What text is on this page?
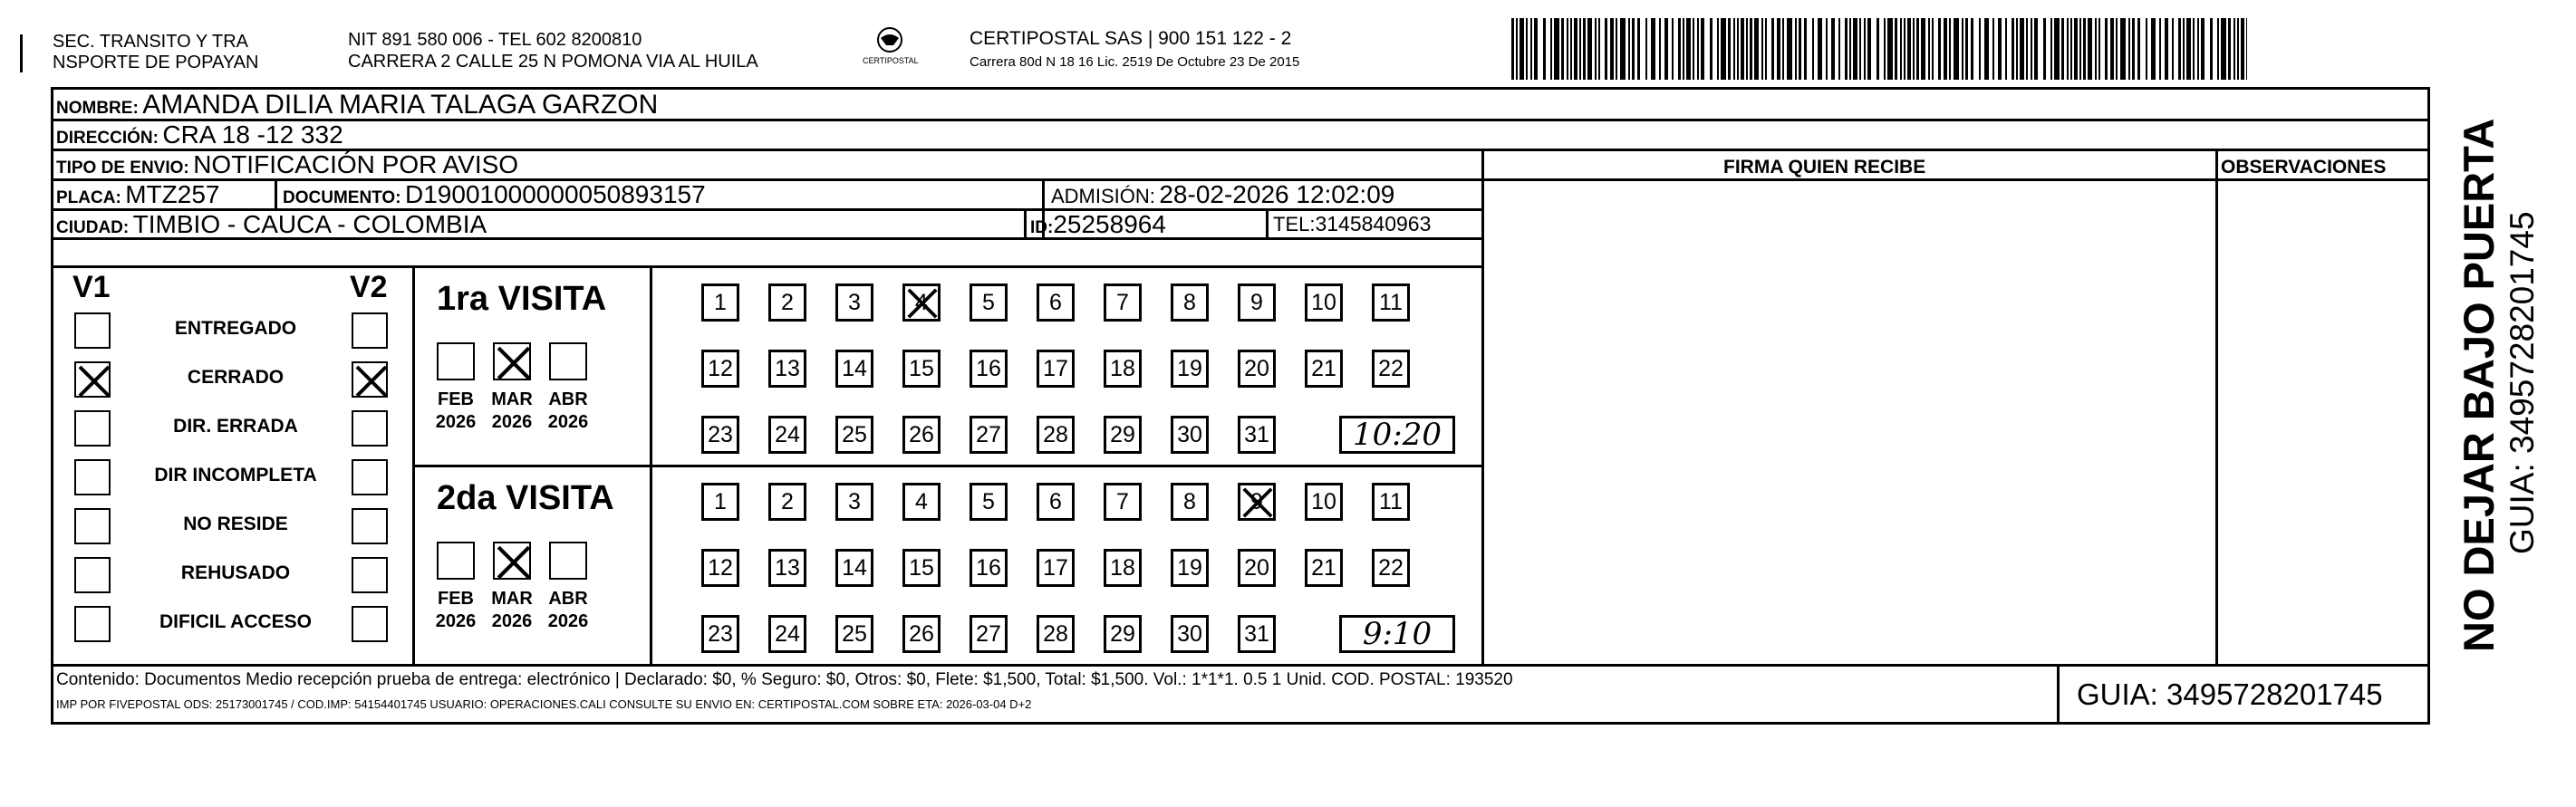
SEC. TRANSITO Y TRA
NSPORTE DE POPAYAN
NIT 891 580 006 - TEL 602 8200810
CARRERA 2 CALLE 25 N POMONA VIA AL HUILA	CERTIPOSTAL
CERTIPOSTAL SAS | 900 151 122 - 2
Carrera 80d N 18 16 Lic. 2519 De Octubre 23 De 2015
NOMBRE: AMANDA DILIA MARIA TALAGA GARZON
DIRECCIÓN: CRA 18 -12 332
TIPO DE ENVIO: NOTIFICACIÓN POR AVISO	FIRMA QUIEN RECIBE	OBSERVACIONES
PLACA: MTZ257	DOCUMENTO: D19001000000050893157	ADMISIÓN: 28-02-2026 12:02:09
CIUDAD: TIMBIO - CAUCA - COLOMBIA	ID:25258964	TEL:3145840963
V1	V2
ENTREGADO
CERRADO
DIR. ERRADA
DIR INCOMPLETA
NO RESIDE
REHUSADO
DIFICIL ACCESO
1ra VISITA
FEB
2026
MAR
2026
ABR
2026
1 2 3 4 5 6 7 8 9 10 11
12 13 14 15 16 17 18 19 20 21 22
23 24 25 26 27 28 29 30 31	10:20
2da VISITA
FEB
2026
MAR
2026
ABR
2026
1 2 3 4 5 6 7 8 9 10 11
12 13 14 15 16 17 18 19 20 21 22
23 24 25 26 27 28 29 30 31	9:10
Contenido: Documentos Medio recepción prueba de entrega: electrónico | Declarado: $0, % Seguro: $0, Otros: $0, Flete: $1,500, Total: $1,500. Vol.: 1*1*1. 0.5 1 Unid. COD. POSTAL: 193520
IMP POR FIVEPOSTAL ODS: 25173001745 / COD.IMP: 54154401745 USUARIO: OPERACIONES.CALI CONSULTE SU ENVIO EN: CERTIPOSTAL.COM SOBRE ETA: 2026-03-04 D+2	GUIA: 3495728201745
NO DEJAR BAJO PUERTA GUIA: 3495728201745
